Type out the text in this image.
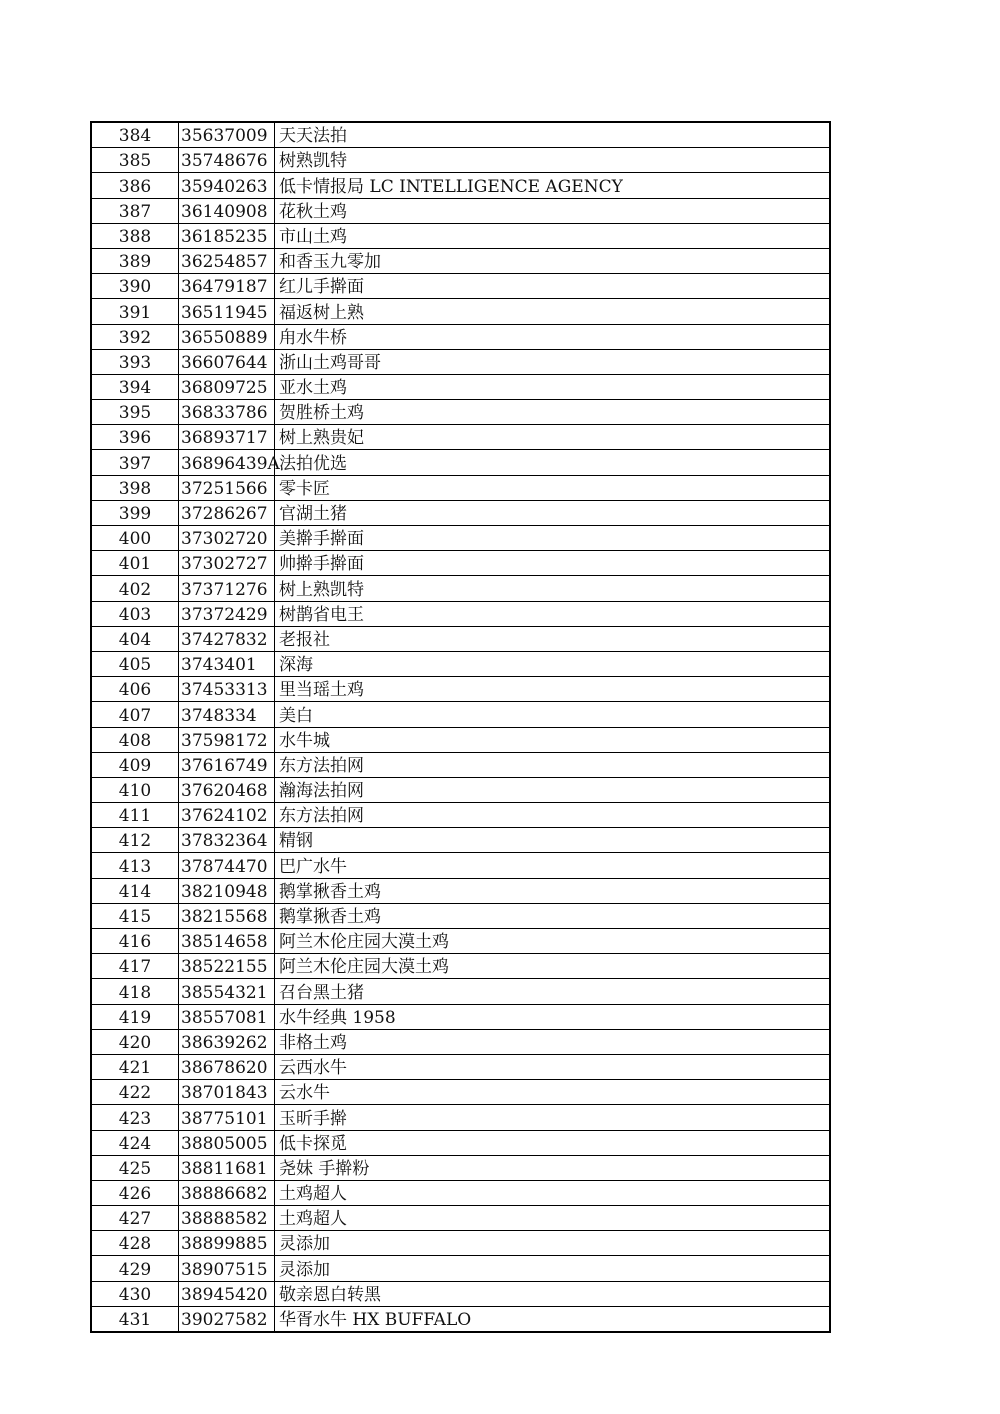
384	35637009	天天法拍
385	35748676	树熟凯特
386	35940263	低卡情报局 LC INTELLIGENCE AGENCY
387	36140908	花秋土鸡
388	36185235	市山土鸡
389	36254857	和香玉九零加
390	36479187	红儿手擀面
391	36511945	福返树上熟
392	36550889	甪水牛桥
393	36607644	浙山土鸡哥哥
394	36809725	亚水土鸡
395	36833786	贺胜桥土鸡
396	36893717	树上熟贵妃
397	36896439A	法拍优选
398	37251566	零卡匠
399	37286267	官湖土猪
400	37302720	美擀手擀面
401	37302727	帅擀手擀面
402	37371276	树上熟凯特
403	37372429	树鹊省电王
404	37427832	老报社
405	3743401	深海
406	37453313	里当瑶土鸡
407	3748334	美白
408	37598172	水牛城
409	37616749	东方法拍网
410	37620468	瀚海法拍网
411	37624102	东方法拍网
412	37832364	精钢
413	37874470	巴广水牛
414	38210948	鹅掌揪香土鸡
415	38215568	鹅掌揪香土鸡
416	38514658	阿兰木伦庄园大漠土鸡
417	38522155	阿兰木伦庄园大漠土鸡
418	38554321	召台黑土猪
419	38557081	水牛经典 1958
420	38639262	非格土鸡
421	38678620	云西水牛
422	38701843	云水牛
423	38775101	玉昕手擀
424	38805005	低卡探觅
425	38811681	尧妹 手擀粉
426	38886682	土鸡超人
427	38888582	土鸡超人
428	38899885	灵添加
429	38907515	灵添加
430	38945420	敬亲恩白转黑
431	39027582	华胥水牛 HX BUFFALO
